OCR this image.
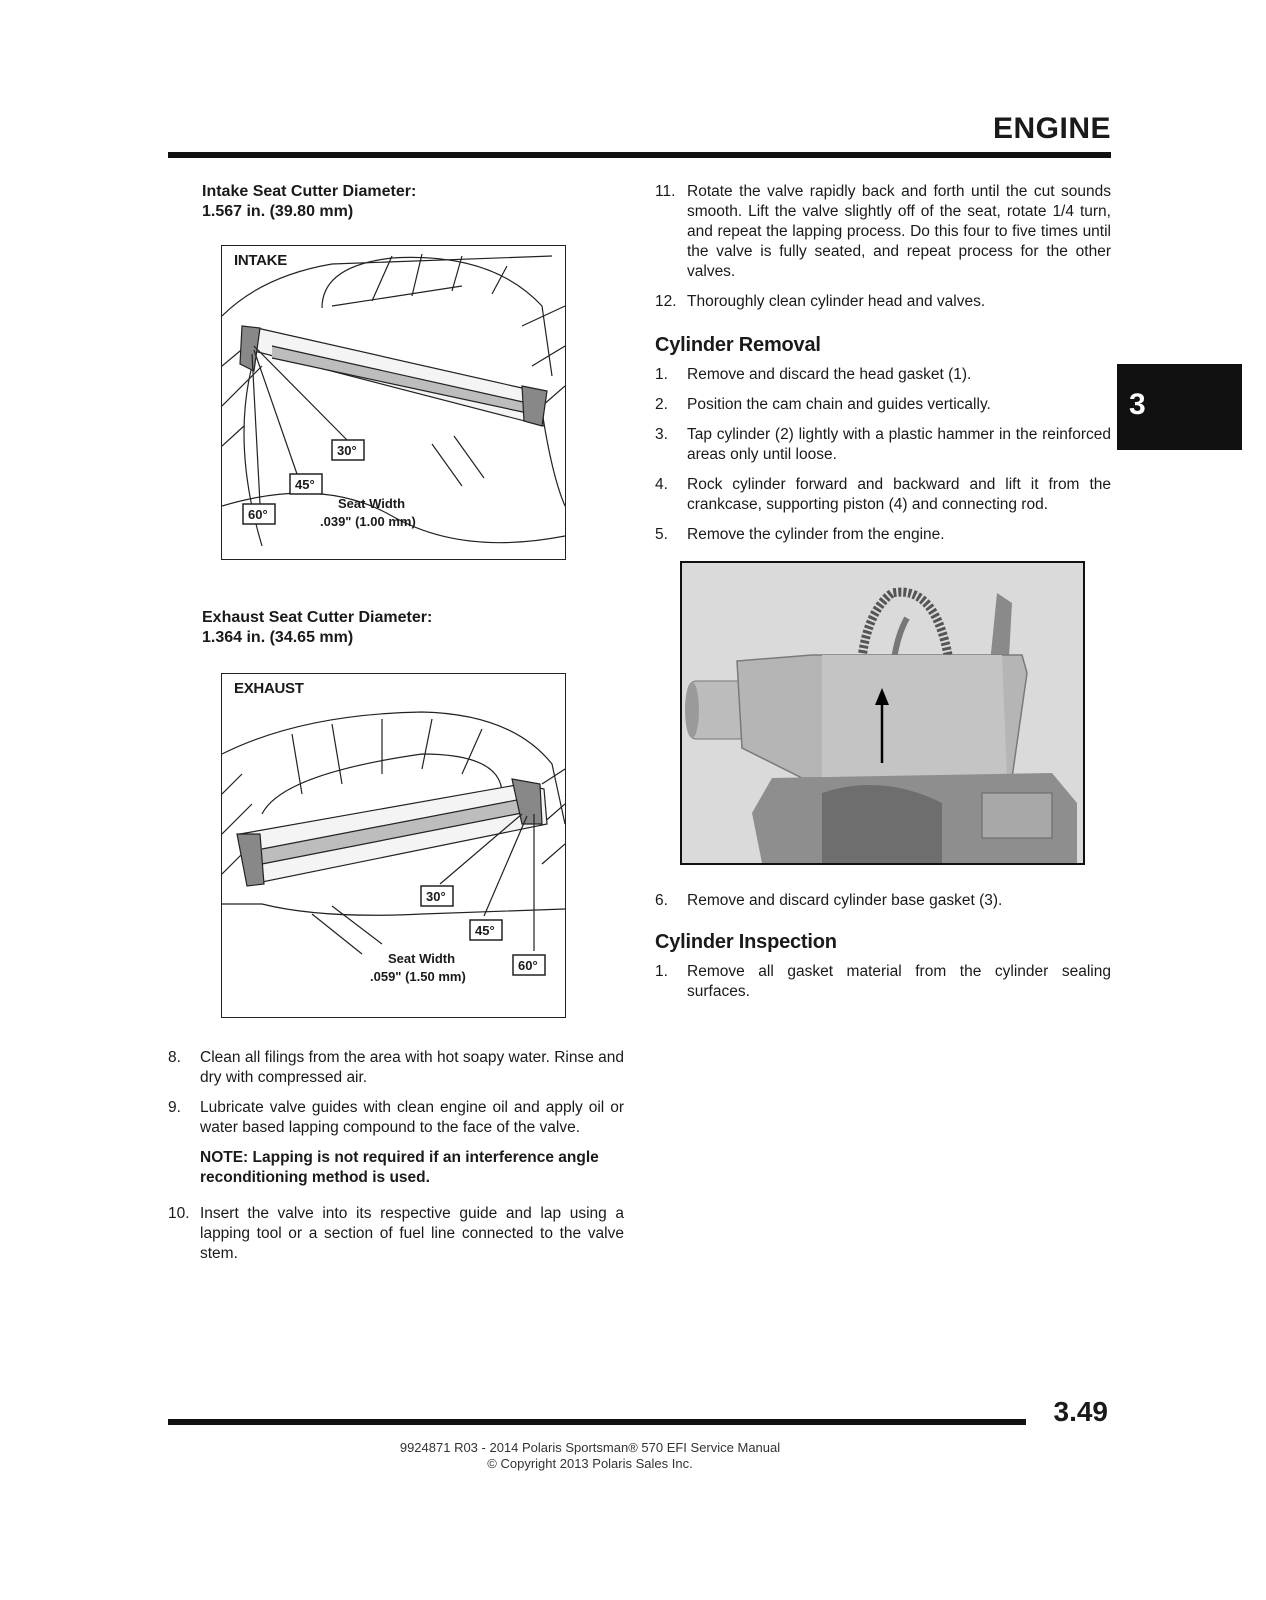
ENGINE
3
Intake Seat Cutter Diameter:
1.567 in. (39.80 mm)
INTAKE
30°
45°
60°
Seat Width
.039" (1.00 mm)
Exhaust Seat Cutter Diameter:
1.364 in. (34.65 mm)
EXHAUST
30°
45°
60°
Seat Width
.059" (1.50 mm)
8. Clean all filings from the area with hot soapy water. Rinse and dry with compressed air.
9. Lubricate valve guides with clean engine oil and apply oil or water based lapping compound to the face of the valve.
NOTE: Lapping is not required if an interference angle reconditioning method is used.
10. Insert the valve into its respective guide and lap using a lapping tool or a section of fuel line connected to the valve stem.
11. Rotate the valve rapidly back and forth until the cut sounds smooth. Lift the valve slightly off of the seat, rotate 1/4 turn, and repeat the lapping process. Do this four to five times until the valve is fully seated, and repeat process for the other valves.
12. Thoroughly clean cylinder head and valves.
Cylinder Removal
1. Remove and discard the head gasket (1).
2. Position the cam chain and guides vertically.
3. Tap cylinder (2) lightly with a plastic hammer in the reinforced areas only until loose.
4. Rock cylinder forward and backward and lift it from the crankcase, supporting piston (4) and connecting rod.
5. Remove the cylinder from the engine.
6. Remove and discard cylinder base gasket (3).
Cylinder Inspection
1. Remove all gasket material from the cylinder sealing surfaces.
3.49
9924871 R03 - 2014 Polaris Sportsman® 570 EFI Service Manual
© Copyright 2013 Polaris Sales Inc.
